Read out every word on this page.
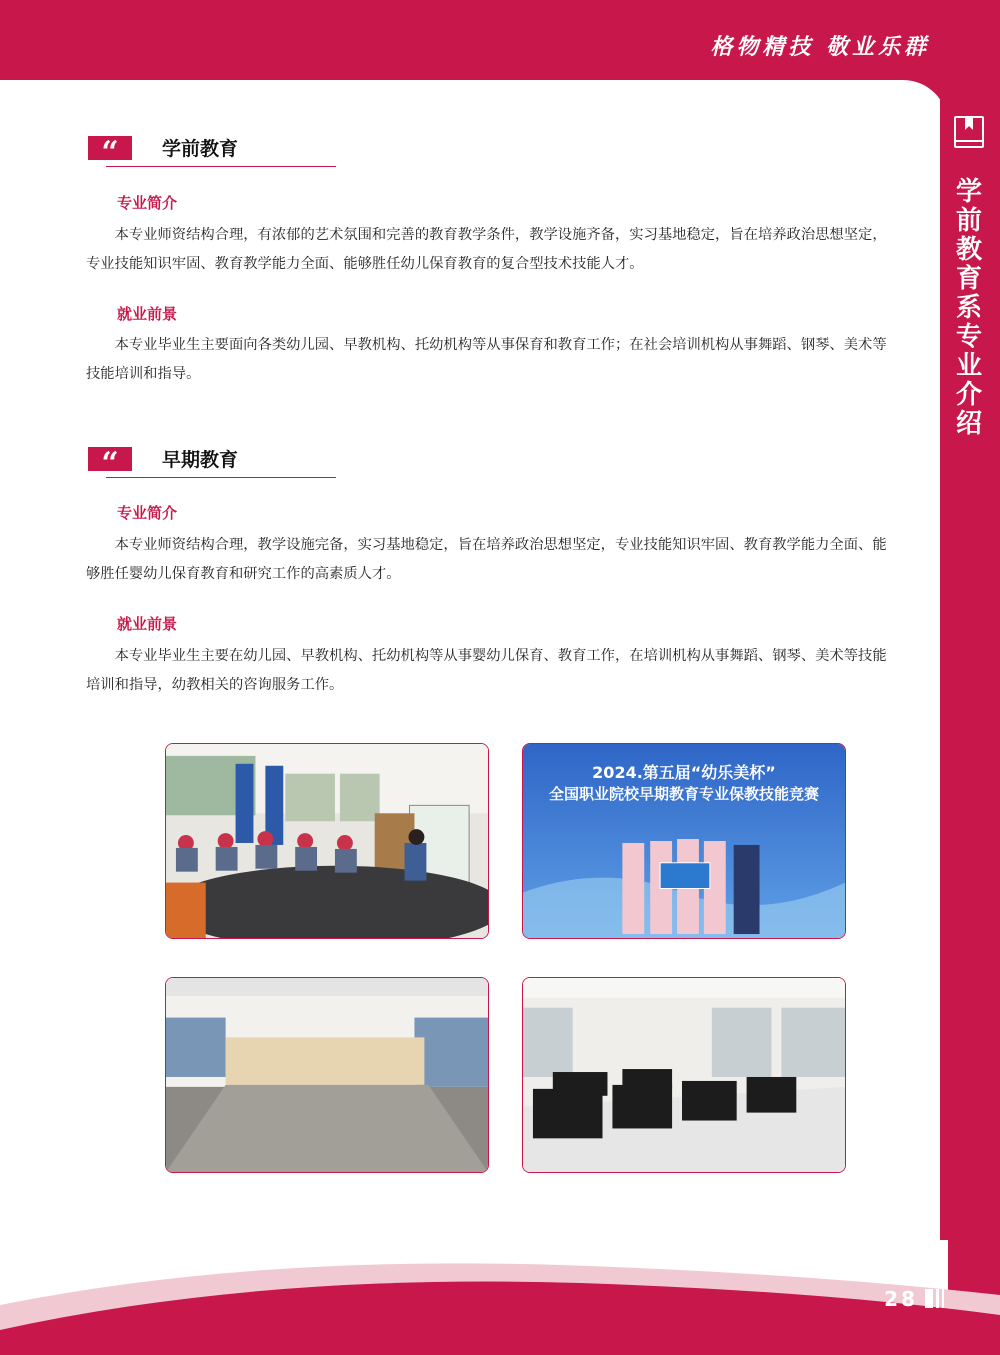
格物精技 敬业乐群
学前教育系专业介绍
“	学前教育
专业简介

本专业师资结构合理，有浓郁的艺术氛围和完善的教育教学条件，教学设施齐备，实习基地稳定，旨在培养政治思想坚定，专业技能知识牢固、教育教学能力全面、能够胜任幼儿保育教育的复合型技术技能人才。

就业前景

本专业毕业生主要面向各类幼儿园、早教机构、托幼机构等从事保育和教育工作；在社会培训机构从事舞蹈、钢琴、美术等技能培训和指导。

“	早期教育
专业简介

本专业师资结构合理，教学设施完备，实习基地稳定，旨在培养政治思想坚定，专业技能知识牢固、教育教学能力全面、能够胜任婴幼儿保育教育和研究工作的高素质人才。

就业前景

本专业毕业生主要在幼儿园、早教机构、托幼机构等从事婴幼儿保育、教育工作，在培训机构从事舞蹈、钢琴、美术等技能培训和指导，幼教相关的咨询服务工作。

2024.第五届“幼乐美杯”
全国职业院校早期教育专业保教技能竞赛
28
